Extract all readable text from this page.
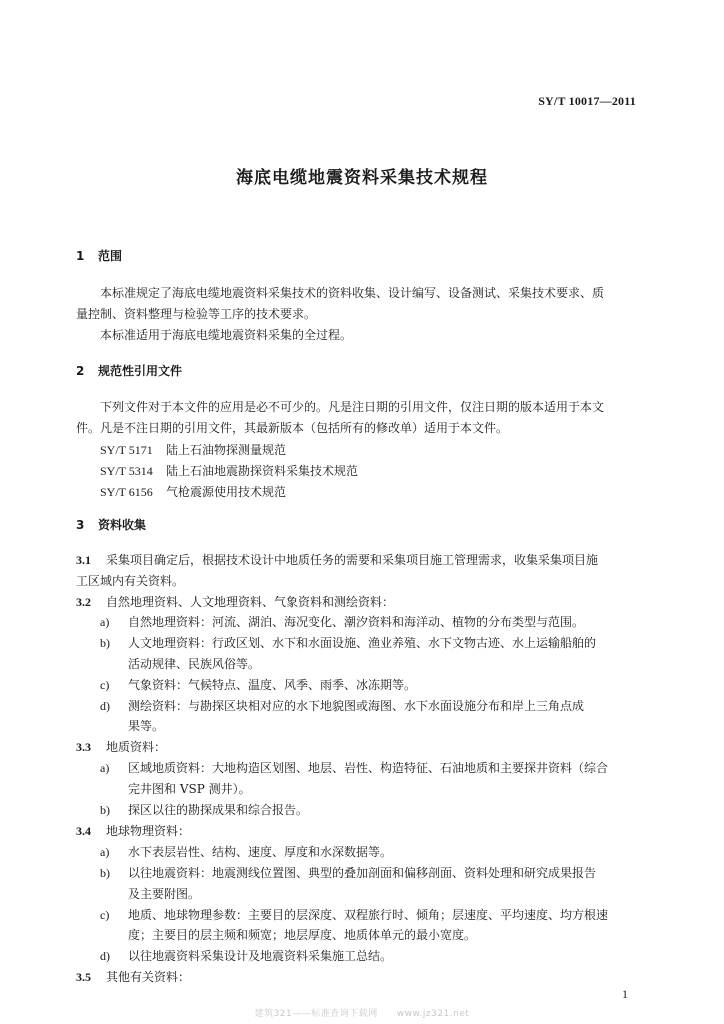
SY/T 10017—2011
海底电缆地震资料采集技术规程
1 范围
本标准规定了海底电缆地震资料采集技术的资料收集、设计编写、设备测试、采集技术要求、质
量控制、资料整理与检验等工序的技术要求。
本标准适用于海底电缆地震资料采集的全过程。
2 规范性引用文件
下列文件对于本文件的应用是必不可少的。凡是注日期的引用文件，仅注日期的版本适用于本文
件。凡是不注日期的引用文件，其最新版本（包括所有的修改单）适用于本文件。
SY/T 5171 陆上石油物探测量规范
SY/T 5314 陆上石油地震勘探资料采集技术规范
SY/T 6156 气枪震源使用技术规范
3 资料收集
3.1 采集项目确定后，根据技术设计中地质任务的需要和采集项目施工管理需求，收集采集项目施
工区域内有关资料。
3.2 自然地理资料、人文地理资料、气象资料和测绘资料：
a) 自然地理资料：河流、湖泊、海况变化、潮汐资料和海洋动、植物的分布类型与范围。
b) 人文地理资料：行政区划、水下和水面设施、渔业养殖、水下文物古迹、水上运输船舶的
活动规律、民族风俗等。
c) 气象资料：气候特点、温度、风季、雨季、冰冻期等。
d) 测绘资料：与勘探区块相对应的水下地貌图或海图、水下水面设施分布和岸上三角点成
果等。
3.3 地质资料：
a) 区域地质资料：大地构造区划图、地层、岩性、构造特征、石油地质和主要探井资料（综合
完井图和 VSP 测井）。
b) 探区以往的勘探成果和综合报告。
3.4 地球物理资料：
a) 水下表层岩性、结构、速度、厚度和水深数据等。
b) 以往地震资料：地震测线位置图、典型的叠加剖面和偏移剖面、资料处理和研究成果报告
及主要附图。
c) 地质、地球物理参数：主要目的层深度、双程旅行时、倾角；层速度、平均速度、均方根速
度；主要目的层主频和频宽；地层厚度、地质体单元的最小宽度。
d) 以往地震资料采集设计及地震资料采集施工总结。
3.5 其他有关资料：
1
建筑321——标准查询下载网　　www.jz321.net
